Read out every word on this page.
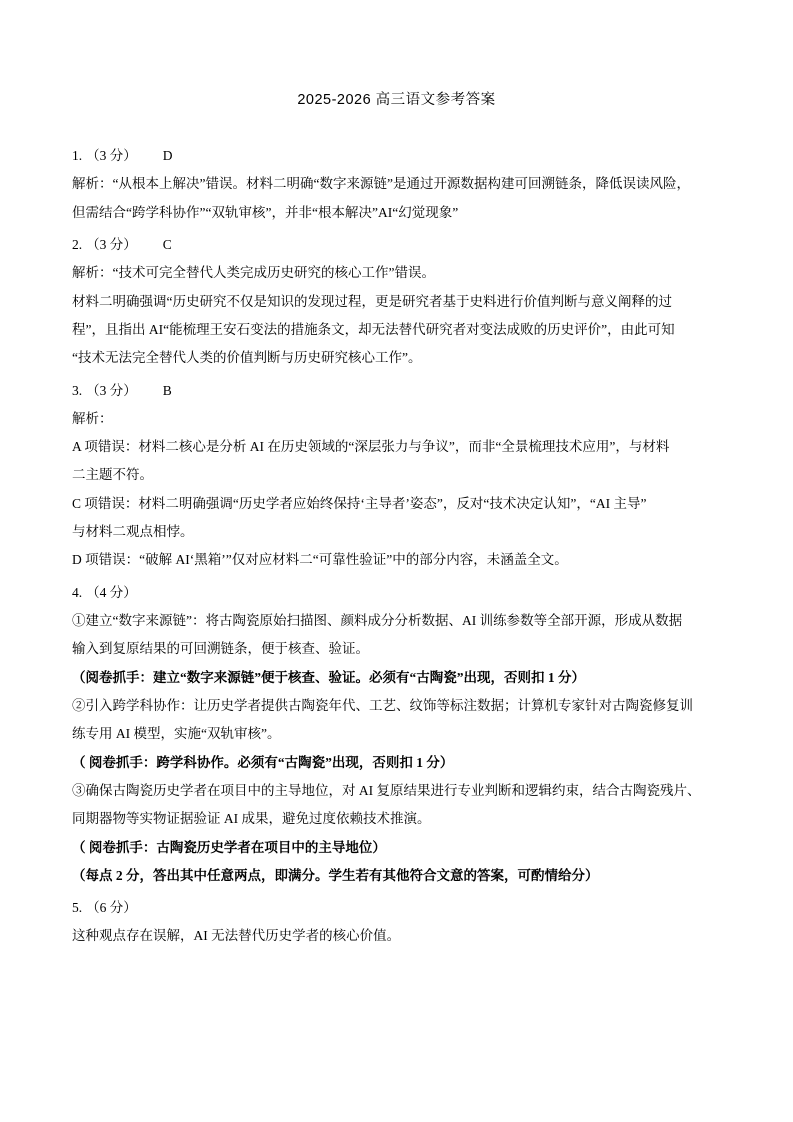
2025-2026 高三语文参考答案
1. （3 分） D
解析：“从根本上解决”错误。材料二明确“数字来源链”是通过开源数据构建可回溯链条，降低误读风险，
但需结合“跨学科协作”“双轨审核”，并非“根本解决”AI“幻觉现象”
2. （3 分） C
解析：“技术可完全替代人类完成历史研究的核心工作”错误。
材料二明确强调“历史研究不仅是知识的发现过程，更是研究者基于史料进行价值判断与意义阐释的过
程”，且指出 AI“能梳理王安石变法的措施条文，却无法替代研究者对变法成败的历史评价”，由此可知
“技术无法完全替代人类的价值判断与历史研究核心工作”。
3. （3 分） B
解析：
A 项错误：材料二核心是分析 AI 在历史领域的“深层张力与争议”，而非“全景梳理技术应用”，与材料
二主题不符。
C 项错误：材料二明确强调“历史学者应始终保持‘主导者’姿态”，反对“技术决定认知”，“AI 主导”
与材料二观点相悖。
D 项错误：“破解 AI‘黑箱’”仅对应材料二“可靠性验证”中的部分内容，未涵盖全文。
4. （4 分）
①建立“数字来源链”：将古陶瓷原始扫描图、颜料成分分析数据、AI 训练参数等全部开源，形成从数据
输入到复原结果的可回溯链条，便于核查、验证。
（阅卷抓手：建立“数字来源链”便于核查、验证。必须有“古陶瓷”出现，否则扣 1 分）
②引入跨学科协作：让历史学者提供古陶瓷年代、工艺、纹饰等标注数据；计算机专家针对古陶瓷修复训
练专用 AI 模型，实施“双轨审核”。
（ 阅卷抓手：跨学科协作。必须有“古陶瓷”出现，否则扣 1 分）
③确保古陶瓷历史学者在项目中的主导地位，对 AI 复原结果进行专业判断和逻辑约束，结合古陶瓷残片、
同期器物等实物证据验证 AI 成果，避免过度依赖技术推演。
（ 阅卷抓手：古陶瓷历史学者在项目中的主导地位）
（每点 2 分，答出其中任意两点，即满分。学生若有其他符合文意的答案，可酌情给分）
5. （6 分）
这种观点存在误解，AI 无法替代历史学者的核心价值。
